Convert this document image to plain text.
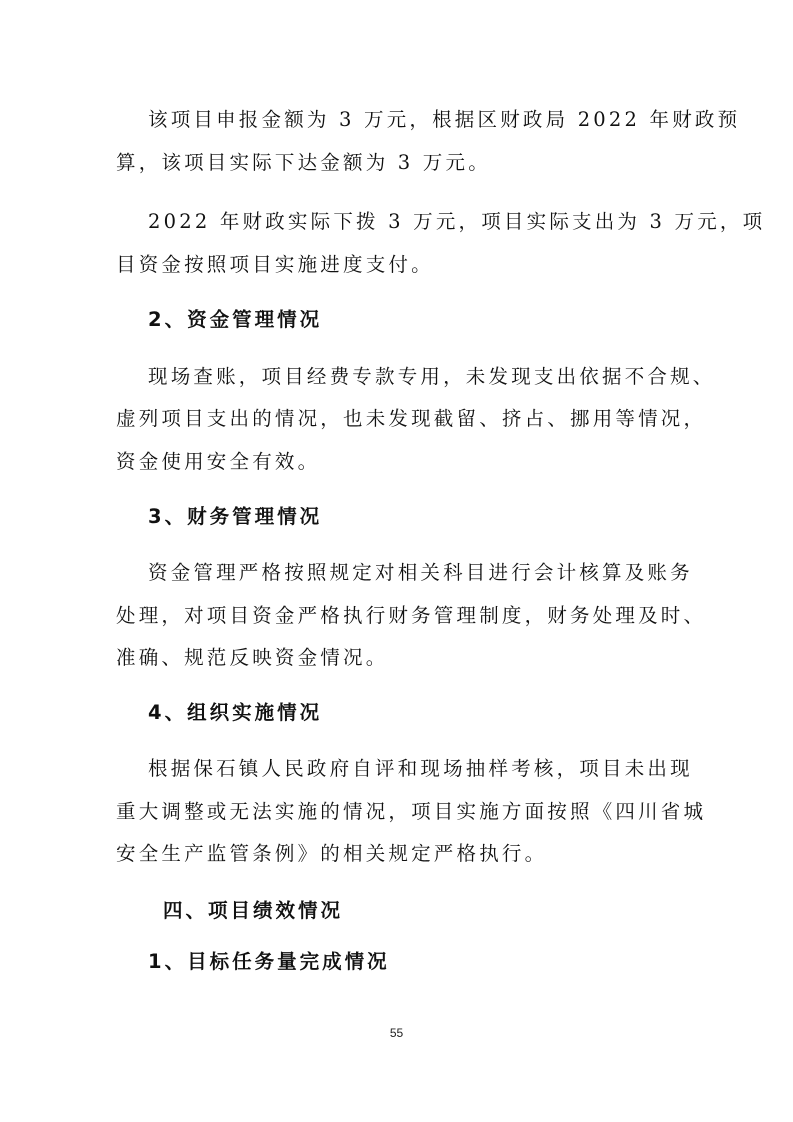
该项目申报金额为 3 万元，根据区财政局 2022 年财政预
算，该项目实际下达金额为 3 万元。
2022 年财政实际下拨 3 万元，项目实际支出为 3 万元，项
目资金按照项目实施进度支付。
2、资金管理情况
现场查账，项目经费专款专用，未发现支出依据不合规、
虚列项目支出的情况，也未发现截留、挤占、挪用等情况，
资金使用安全有效。
3、财务管理情况
资金管理严格按照规定对相关科目进行会计核算及账务
处理，对项目资金严格执行财务管理制度，财务处理及时、
准确、规范反映资金情况。
4、组织实施情况
根据保石镇人民政府自评和现场抽样考核，项目未出现
重大调整或无法实施的情况，项目实施方面按照《四川省城
安全生产监管条例》的相关规定严格执行。
四、项目绩效情况
1、目标任务量完成情况
55
